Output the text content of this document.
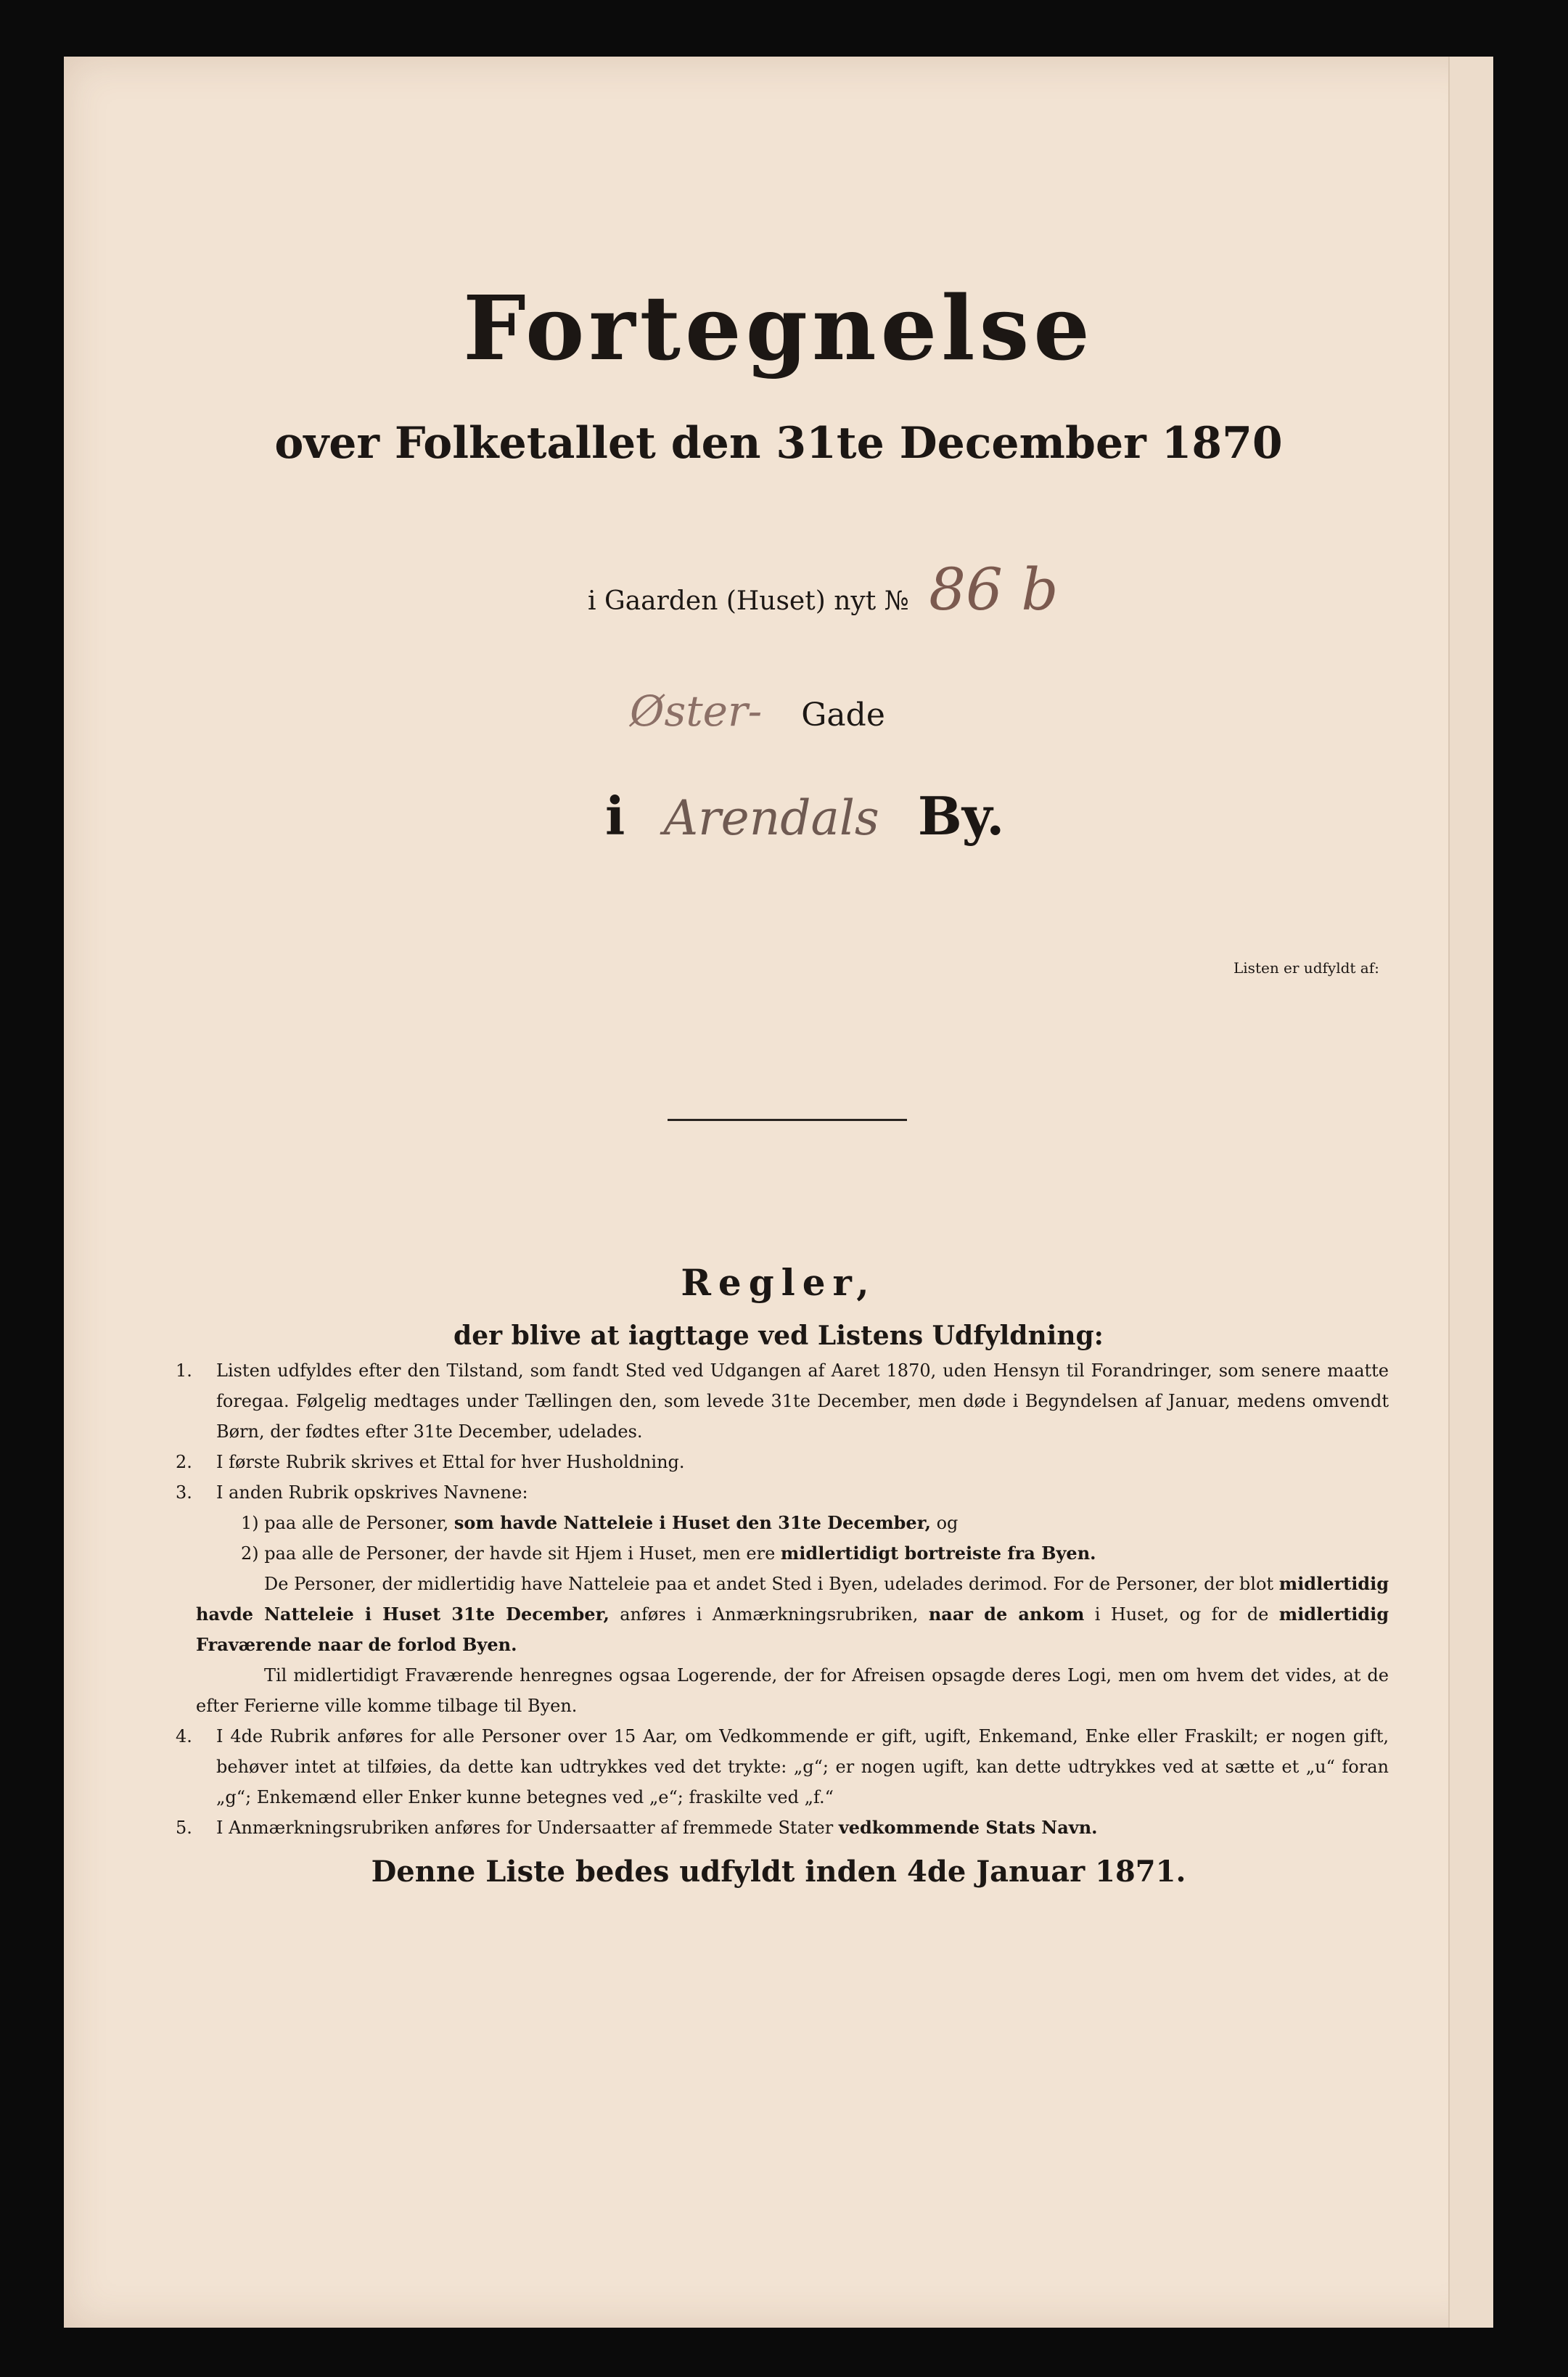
Fortegnelse
over Folketallet den 31te December 1870
i Gaarden (Huset) nyt № 86 b
Øster- Gade
i Arendals By.
Listen er udfyldt af:
Regler,
der blive at iagttage ved Listens Udfyldning:

1.	Listen udfyldes efter den Tilstand, som fandt Sted ved Udgangen af Aaret 1870, uden Hensyn til Forandringer, som senere maatte foregaa. Følgelig medtages under Tællingen den, som levede 31te December, men døde i Begyndelsen af Januar, medens omvendt Børn, der fødtes efter 31te December, udelades.

2.	I første Rubrik skrives et Ettal for hver Husholdning.

3.	I anden Rubrik opskrives Navnene:

1) paa alle de Personer, som havde Natteleie i Huset den 31te December, og

2) paa alle de Personer, der havde sit Hjem i Huset, men ere midlertidigt bortreiste fra Byen.

De Personer, der midlertidig have Natteleie paa et andet Sted i Byen, udelades derimod. For de Personer, der blot midlertidig havde Natteleie i Huset 31te December, anføres i Anmærkningsrubriken, naar de ankom i Huset, og for de midlertidig Fraværende naar de forlod Byen.

Til midlertidigt Fraværende henregnes ogsaa Logerende, der for Afreisen opsagde deres Logi, men om hvem det vides, at de efter Ferierne ville komme tilbage til Byen.

4.	I 4de Rubrik anføres for alle Personer over 15 Aar, om Vedkommende er gift, ugift, Enkemand, Enke eller Fraskilt; er nogen gift, behøver intet at tilføies, da dette kan udtrykkes ved det trykte: „g“; er nogen ugift, kan dette udtrykkes ved at sætte et „u“ foran „g“; Enkemænd eller Enker kunne betegnes ved „e“; fraskilte ved „f.“

5.	I Anmærkningsrubriken anføres for Undersaatter af fremmede Stater vedkommende Stats Navn.

Denne Liste bedes udfyldt inden 4de Januar 1871.
